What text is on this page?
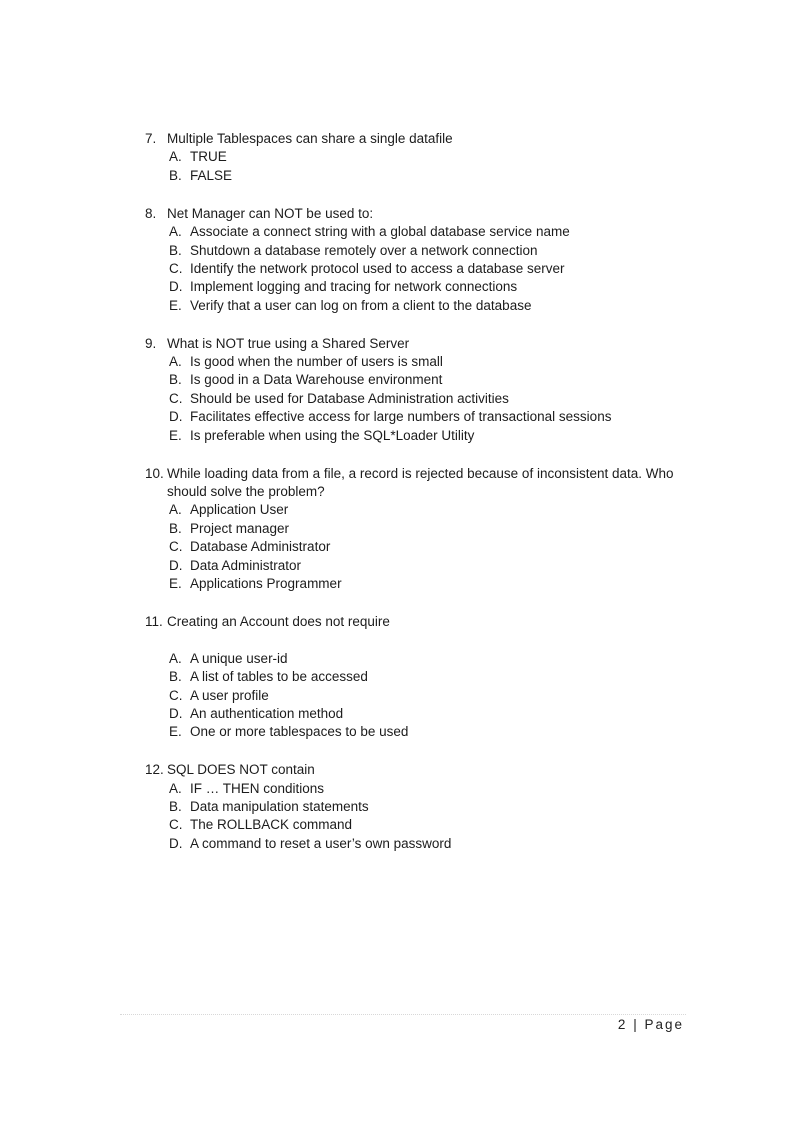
7. Multiple Tablespaces can share a single datafile
A. TRUE
B. FALSE
8. Net Manager can NOT be used to:
A. Associate a connect string with a global database service name
B. Shutdown a database remotely over a network connection
C. Identify the network protocol used to access a database server
D. Implement logging and tracing for network connections
E. Verify that a user can log on from a client to the database
9. What is NOT true using a Shared Server
A. Is good when the number of users is small
B. Is good in a Data Warehouse environment
C. Should be used for Database Administration activities
D. Facilitates effective access for large numbers of transactional sessions
E. Is preferable when using the SQL*Loader Utility
10. While loading data from a file, a record is rejected because of inconsistent data. Who should solve the problem?
A. Application User
B. Project manager
C. Database Administrator
D. Data Administrator
E. Applications Programmer
11. Creating an Account does not require
A. A unique user-id
B. A list of tables to be accessed
C. A user profile
D. An authentication method
E. One or more tablespaces to be used
12. SQL DOES NOT contain
A. IF … THEN conditions
B. Data manipulation statements
C. The ROLLBACK command
D. A command to reset a user’s own password
2 | Page
